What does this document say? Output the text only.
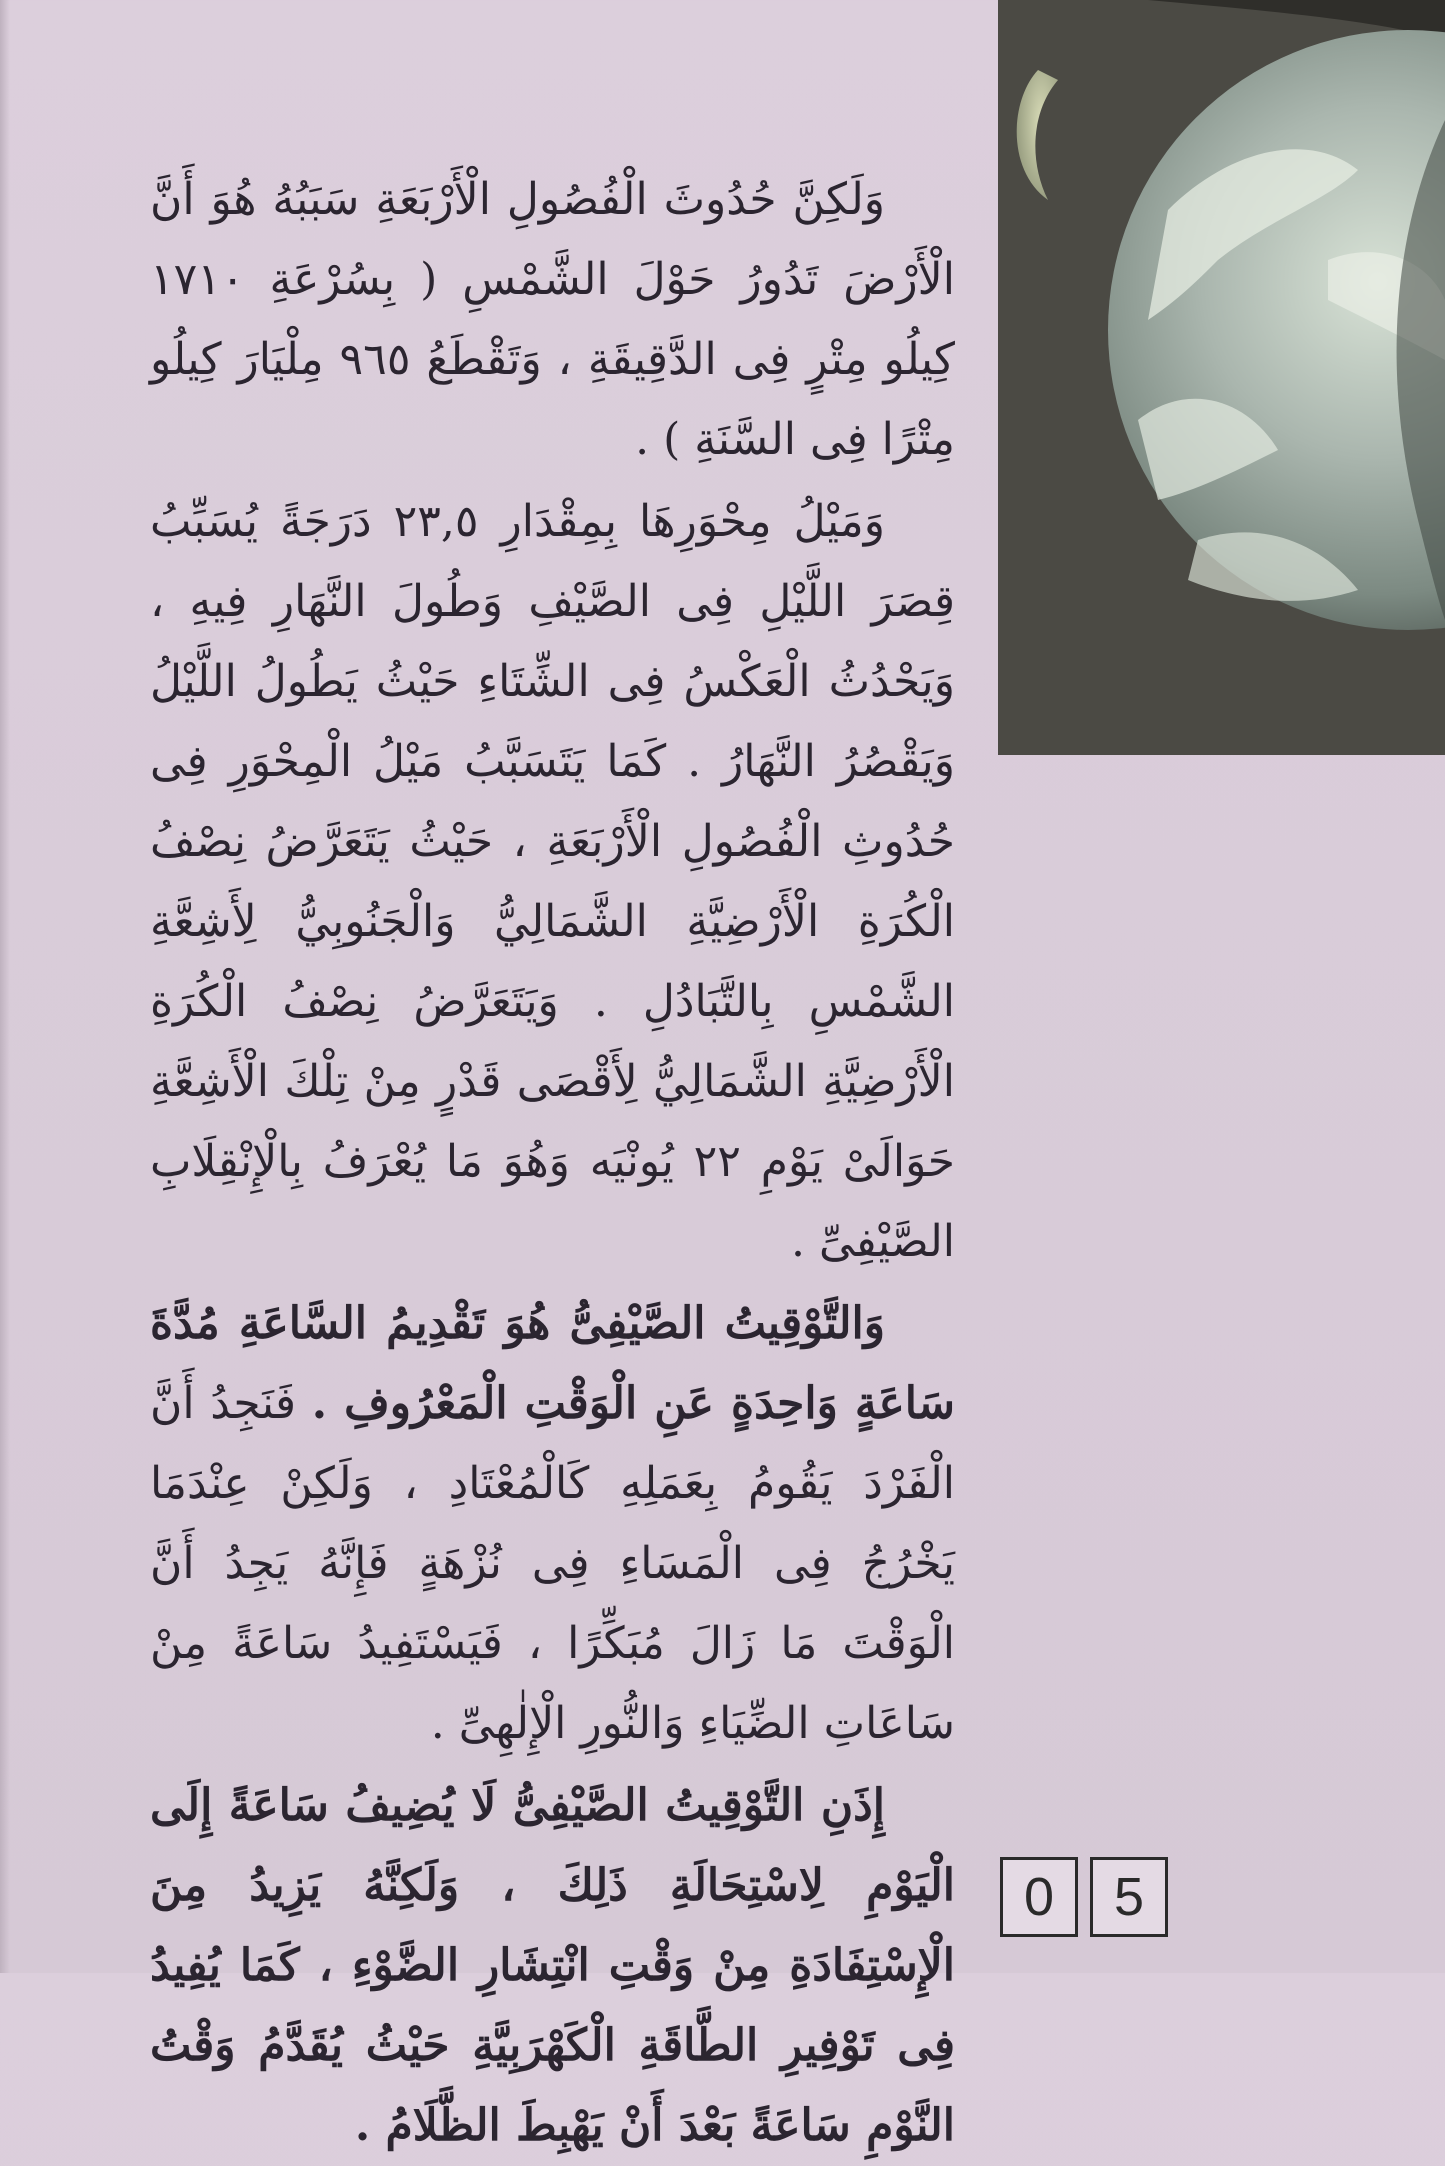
وَلَكِنَّ حُدُوثَ الْفُصُولِ الْأَرْبَعَةِ سَبَبُهُ هُوَ أَنَّ الْأَرْضَ تَدُورُ حَوْلَ الشَّمْسِ ( بِسُرْعَةِ ١٧١٠ كِيلُو مِتْرٍ فِى الدَّقِيقَةِ ، وَتَقْطَعُ ٩٦٥ مِلْيَارَ كِيلُو مِتْرًا فِى السَّنَةِ ) .

وَمَيْلُ مِحْوَرِهَا بِمِقْدَارِ ٢٣,٥ دَرَجَةً يُسَبِّبُ قِصَرَ اللَّيْلِ فِى الصَّيْفِ وَطُولَ النَّهَارِ فِيهِ ، وَيَحْدُثُ الْعَكْسُ فِى الشِّتَاءِ حَيْثُ يَطُولُ اللَّيْلُ وَيَقْصُرُ النَّهَارُ . كَمَا يَتَسَبَّبُ مَيْلُ الْمِحْوَرِ فِى حُدُوثِ الْفُصُولِ الْأَرْبَعَةِ ، حَيْثُ يَتَعَرَّضُ نِصْفُ الْكُرَةِ الْأَرْضِيَّةِ الشَّمَالِيُّ وَالْجَنُوبِيُّ لِأَشِعَّةِ الشَّمْسِ بِالتَّبَادُلِ . وَيَتَعَرَّضُ نِصْفُ الْكُرَةِ الْأَرْضِيَّةِ الشَّمَالِيُّ لِأَقْصَى قَدْرٍ مِنْ تِلْكَ الْأَشِعَّةِ حَوَالَىْ يَوْمِ ٢٢ يُونْيَه وَهُوَ مَا يُعْرَفُ بِالْإِنْقِلَابِ الصَّيْفِىِّ .

وَالتَّوْقِيتُ الصَّيْفِىُّ هُوَ تَقْدِيمُ السَّاعَةِ مُدَّةَ سَاعَةٍ وَاحِدَةٍ عَنِ الْوَقْتِ الْمَعْرُوفِ . فَنَجِدُ أَنَّ الْفَرْدَ يَقُومُ بِعَمَلِهِ كَالْمُعْتَادِ ، وَلَكِنْ عِنْدَمَا يَخْرُجُ فِى الْمَسَاءِ فِى نُزْهَةٍ فَإِنَّهُ يَجِدُ أَنَّ الْوَقْتَ مَا زَالَ مُبَكِّرًا ، فَيَسْتَفِيدُ سَاعَةً مِنْ سَاعَاتِ الضِّيَاءِ وَالنُّورِ الْإِلٰهِىِّ .

إِذَنِ التَّوْقِيتُ الصَّيْفِىُّ لَا يُضِيفُ سَاعَةً إِلَى الْيَوْمِ لِاسْتِحَالَةِ ذَلِكَ ، وَلَكِنَّهُ يَزِيدُ مِنَ الْإِسْتِفَادَةِ مِنْ وَقْتِ انْتِشَارِ الضَّوْءِ ، كَمَا يُفِيدُ فِى تَوْفِيرِ الطَّاقَةِ الْكَهْرَبِيَّةِ حَيْثُ يُقَدَّمُ وَقْتُ النَّوْمِ سَاعَةً بَعْدَ أَنْ يَهْبِطَ الظَّلَامُ .

0	5
